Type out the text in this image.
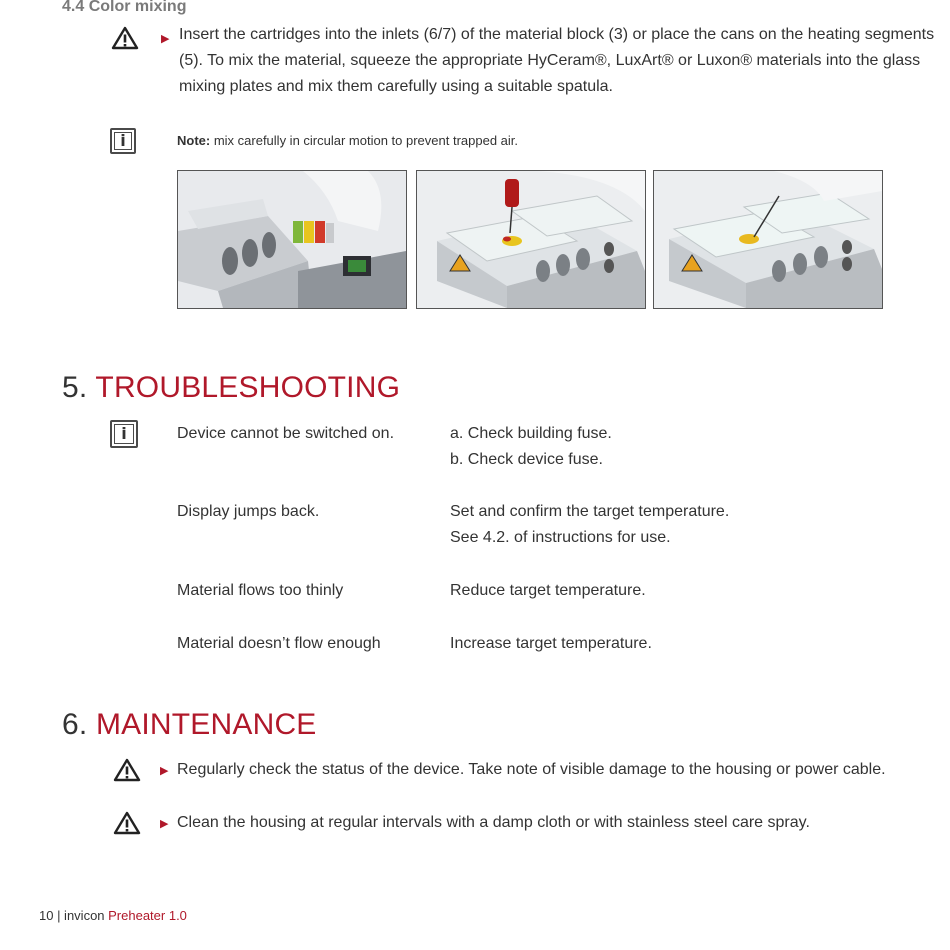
4.4 Color mixing
▶ Insert the cartridges into the inlets (6/7) of the material block (3) or place the cans on the heating segments
(5). To mix the material, squeeze the appropriate HyCeram®, LuxArt® or Luxon® materials into the glass
mixing plates and mix them carefully using a suitable spatula.
i	Note: mix carefully in circular motion to prevent trapped air.
5. TROUBLESHOOTING
i	Device cannot be switched on.	a. Check building fuse.
b. Check device fuse.
Display jumps back.	Set and confirm the target temperature.
See 4.2. of instructions for use.
Material flows too thinly	Reduce target temperature.
Material doesn’t flow enough	Increase target temperature.
6. MAINTENANCE
▶ Regularly check the status of the device. Take note of visible damage to the housing or power cable.
▶ Clean the housing at regular intervals with a damp cloth or with stainless steel care spray.
10 | invicon Preheater 1.0
